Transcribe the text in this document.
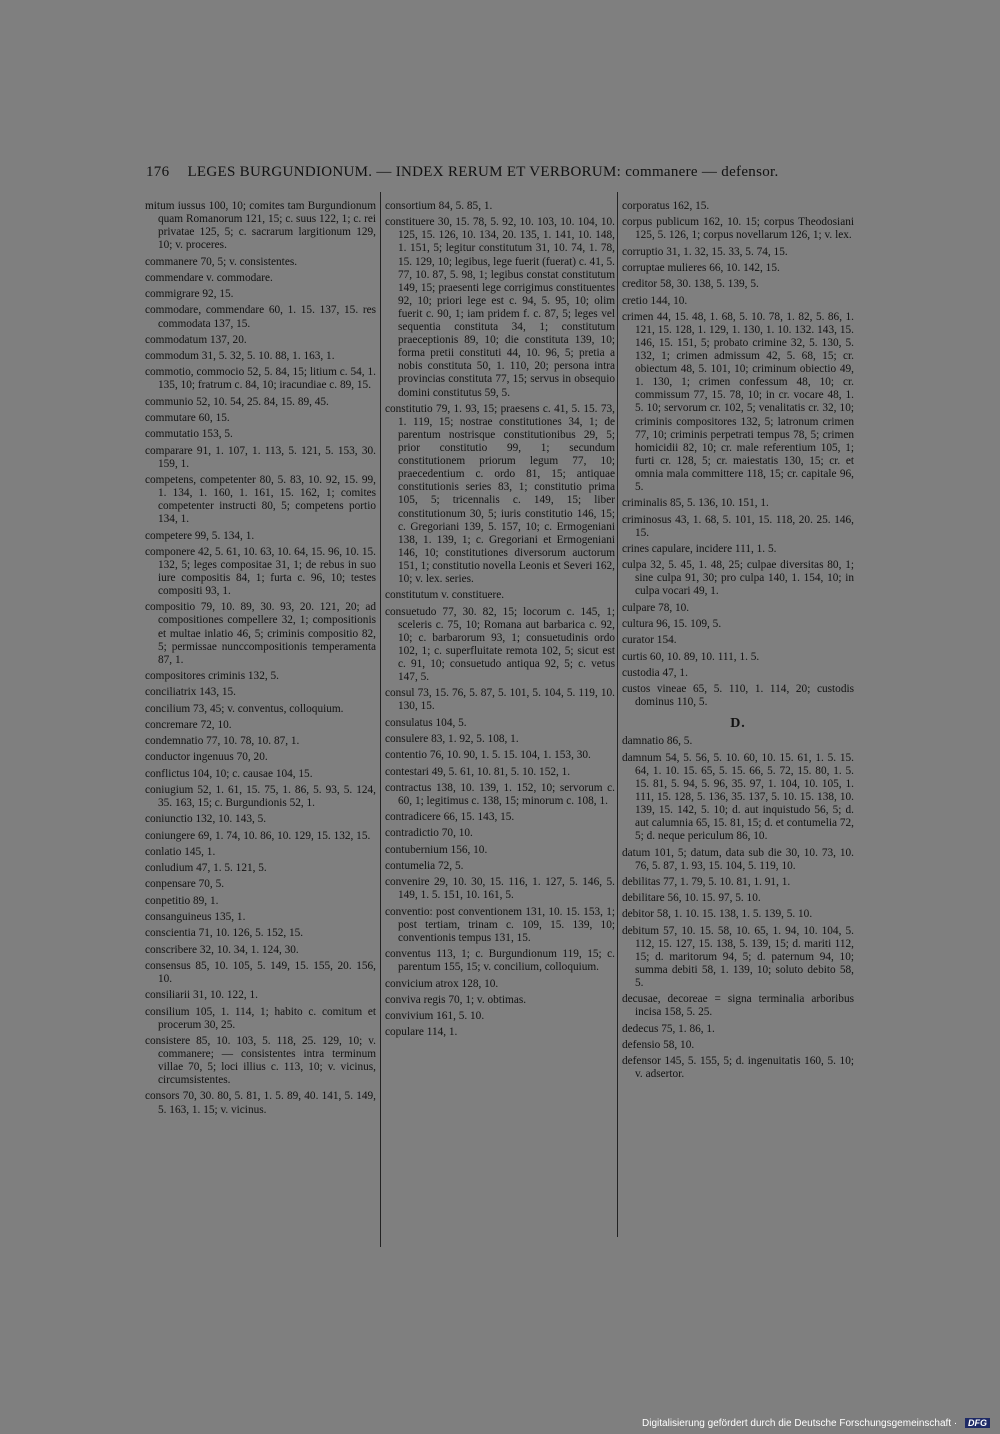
176 LEGES BURGUNDIONUM. — INDEX RERUM ET VERBORUM: commanere — defensor.
mitum iussus 100, 10; comites tam Burgundionum quam Romanorum 121, 15; c. suus 122, 1; c. rei privatae 125, 5; c. sacrarum largitionum 129, 10; v. proceres.
commanere 70, 5; v. consistentes.
commendare v. commodare.
commigrare 92, 15.
commodare, commendare 60, 1. 15. 137, 15. res commodata 137, 15.
commodatum 137, 20.
commodum 31, 5. 32, 5. 10. 88, 1. 163, 1.
commotio, commocio 52, 5. 84, 15; litium c. 54, 1. 135, 10; fratrum c. 84, 10; iracundiae c. 89, 15.
communio 52, 10. 54, 25. 84, 15. 89, 45.
commutare 60, 15.
commutatio 153, 5.
comparare 91, 1. 107, 1. 113, 5. 121, 5. 153, 30. 159, 1.
competens, competenter 80, 5. 83, 10. 92, 15. 99, 1. 134, 1. 160, 1. 161, 15. 162, 1; comites competenter instructi 80, 5; competens portio 134, 1.
competere 99, 5. 134, 1.
componere 42, 5. 61, 10. 63, 10. 64, 15. 96, 10. 15. 132, 5; leges compositae 31, 1; de rebus in suo iure compositis 84, 1; furta c. 96, 10; testes compositi 93, 1.
compositio 79, 10. 89, 30. 93, 20. 121, 20; ad compositiones compellere 32, 1; compositionis et multae inlatio 46, 5; criminis compositio 82, 5; permissae nunccompositionis temperamenta 87, 1.
compositores criminis 132, 5.
conciliatrix 143, 15.
concilium 73, 45; v. conventus, colloquium.
concremare 72, 10.
condemnatio 77, 10. 78, 10. 87, 1.
conductor ingenuus 70, 20.
conflictus 104, 10; c. causae 104, 15.
coniugium 52, 1. 61, 15. 75, 1. 86, 5. 93, 5. 124, 35. 163, 15; c. Burgundionis 52, 1.
coniunctio 132, 10. 143, 5.
coniungere 69, 1. 74, 10. 86, 10. 129, 15. 132, 15.
conlatio 145, 1.
conludium 47, 1. 5. 121, 5.
conpensare 70, 5.
conpetitio 89, 1.
consanguineus 135, 1.
conscientia 71, 10. 126, 5. 152, 15.
conscribere 32, 10. 34, 1. 124, 30.
consensus 85, 10. 105, 5. 149, 15. 155, 20. 156, 10.
consiliarii 31, 10. 122, 1.
consilium 105, 1. 114, 1; habito c. comitum et procerum 30, 25.
consistere 85, 10. 103, 5. 118, 25. 129, 10; v. commanere; — consistentes intra terminum villae 70, 5; loci illius c. 113, 10; v. vicinus, circumsistentes.
consors 70, 30. 80, 5. 81, 1. 5. 89, 40. 141, 5. 149, 5. 163, 1. 15; v. vicinus.
consortium 84, 5. 85, 1.
constituere 30, 15. 78, 5. 92, 10. 103, 10. 104, 10. 125, 15. 126, 10. 134, 20. 135, 1. 141, 10. 148, 1. 151, 5; legitur constitutum 31, 10. 74, 1. 78, 15. 129, 10; legibus, lege fuerit (fuerat) c. 41, 5. 77, 10. 87, 5. 98, 1; legibus constat constitutum 149, 15; praesenti lege corrigimus constituentes 92, 10; priori lege est c. 94, 5. 95, 10; olim fuerit c. 90, 1; iam pridem f. c. 87, 5; leges vel sequentia constituta 34, 1; constitutum praeceptionis 89, 10; die constituta 139, 10; forma pretii constituti 44, 10. 96, 5; pretia a nobis constituta 50, 1. 110, 20; persona intra provincias constituta 77, 15; servus in obsequio domini constitutus 59, 5.
constitutio 79, 1. 93, 15; praesens c. 41, 5. 15. 73, 1. 119, 15; nostrae constitutiones 34, 1; de parentum nostrisque constitutionibus 29, 5; prior constitutio 99, 1; secundum constitutionem priorum legum 77, 10; praecedentium c. ordo 81, 15; antiquae constitutionis series 83, 1; constitutio prima 105, 5; tricennalis c. 149, 15; liber constitutionum 30, 5; iuris constitutio 146, 15; c. Gregoriani 139, 5. 157, 10; c. Ermogeniani 138, 1. 139, 1; c. Gregoriani et Ermogeniani 146, 10; constitutiones diversorum auctorum 151, 1; constitutio novella Leonis et Severi 162, 10; v. lex. series.
constitutum v. constituere.
consuetudo 77, 30. 82, 15; locorum c. 145, 1; sceleris c. 75, 10; Romana aut barbarica c. 92, 10; c. barbarorum 93, 1; consuetudinis ordo 102, 1; c. superfluitate remota 102, 5; sicut est c. 91, 10; consuetudo antiqua 92, 5; c. vetus 147, 5.
consul 73, 15. 76, 5. 87, 5. 101, 5. 104, 5. 119, 10. 130, 15.
consulatus 104, 5.
consulere 83, 1. 92, 5. 108, 1.
contentio 76, 10. 90, 1. 5. 15. 104, 1. 153, 30.
contestari 49, 5. 61, 10. 81, 5. 10. 152, 1.
contractus 138, 10. 139, 1. 152, 10; servorum c. 60, 1; legitimus c. 138, 15; minorum c. 108, 1.
contradicere 66, 15. 143, 15.
contradictio 70, 10.
contubernium 156, 10.
contumelia 72, 5.
convenire 29, 10. 30, 15. 116, 1. 127, 5. 146, 5. 149, 1. 5. 151, 10. 161, 5.
conventio: post conventionem 131, 10. 15. 153, 1; post tertiam, trinam c. 109, 15. 139, 10; conventionis tempus 131, 15.
conventus 113, 1; c. Burgundionum 119, 15; c. parentum 155, 15; v. concilium, colloquium.
convicium atrox 128, 10.
conviva regis 70, 1; v. obtimas.
convivium 161, 5. 10.
copulare 114, 1.
corporatus 162, 15.
corpus publicum 162, 10. 15; corpus Theodosiani 125, 5. 126, 1; corpus novellarum 126, 1; v. lex.
corruptio 31, 1. 32, 15. 33, 5. 74, 15.
corruptae mulieres 66, 10. 142, 15.
creditor 58, 30. 138, 5. 139, 5.
cretio 144, 10.
crimen 44, 15. 48, 1. 68, 5. 10. 78, 1. 82, 5. 86, 1. 121, 15. 128, 1. 129, 1. 130, 1. 10. 132. 143, 15. 146, 15. 151, 5; probato crimine 32, 5. 130, 5. 132, 1; crimen admissum 42, 5. 68, 15; cr. obiectum 48, 5. 101, 10; criminum obiectio 49, 1. 130, 1; crimen confessum 48, 10; cr. commissum 77, 15. 78, 10; in cr. vocare 48, 1. 5. 10; servorum cr. 102, 5; venalitatis cr. 32, 10; criminis compositores 132, 5; latronum crimen 77, 10; criminis perpetrati tempus 78, 5; crimen homicidii 82, 10; cr. male referentium 105, 1; furti cr. 128, 5; cr. maiestatis 130, 15; cr. et omnia mala committere 118, 15; cr. capitale 96, 5.
criminalis 85, 5. 136, 10. 151, 1.
criminosus 43, 1. 68, 5. 101, 15. 118, 20. 25. 146, 15.
crines capulare, incidere 111, 1. 5.
culpa 32, 5. 45, 1. 48, 25; culpae diversitas 80, 1; sine culpa 91, 30; pro culpa 140, 1. 154, 10; in culpa vocari 49, 1.
culpare 78, 10.
cultura 96, 15. 109, 5.
curator 154.
curtis 60, 10. 89, 10. 111, 1. 5.
custodia 47, 1.
custos vineae 65, 5. 110, 1. 114, 20; custodis dominus 110, 5.
D.
damnatio 86, 5.
damnum 54, 5. 56, 5. 10. 60, 10. 15. 61, 1. 5. 15. 64, 1. 10. 15. 65, 5. 15. 66, 5. 72, 15. 80, 1. 5. 15. 81, 5. 94, 5. 96, 35. 97, 1. 104, 10. 105, 1. 111, 15. 128, 5. 136, 35. 137, 5. 10. 15. 138, 10. 139, 15. 142, 5. 10; d. aut inquistudo 56, 5; d. aut calumnia 65, 15. 81, 15; d. et contumelia 72, 5; d. neque periculum 86, 10.
datum 101, 5; datum, data sub die 30, 10. 73, 10. 76, 5. 87, 1. 93, 15. 104, 5. 119, 10.
debilitas 77, 1. 79, 5. 10. 81, 1. 91, 1.
debilitare 56, 10. 15. 97, 5. 10.
debitor 58, 1. 10. 15. 138, 1. 5. 139, 5. 10.
debitum 57, 10. 15. 58, 10. 65, 1. 94, 10. 104, 5. 112, 15. 127, 15. 138, 5. 139, 15; d. mariti 112, 15; d. maritorum 94, 5; d. paternum 94, 10; summa debiti 58, 1. 139, 10; soluto debito 58, 5.
decusae, decoreae = signa terminalia arboribus incisa 158, 5. 25.
dedecus 75, 1. 86, 1.
defensio 58, 10.
defensor 145, 5. 155, 5; d. ingenuitatis 160, 5. 10; v. adsertor.
Digitalisierung gefördert durch die Deutsche Forschungsgemeinschaft · DFG
